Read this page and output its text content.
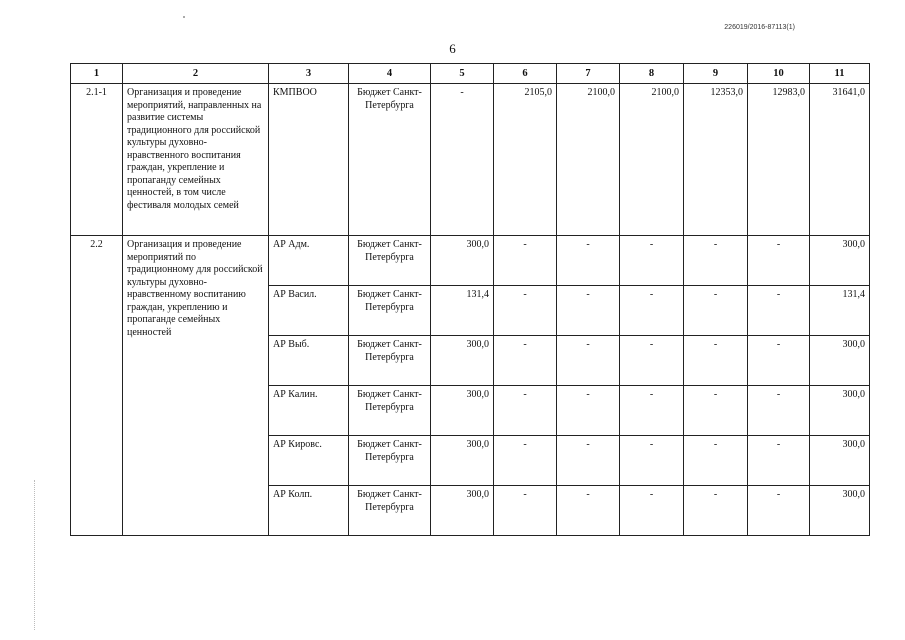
226019/2016-87113(1)
6
1	2	3	4	5	6	7	8	9	10	11
2.1-1	Организация и проведение мероприятий, направленных на развитие системы традиционного для российской культуры духовно-нравственного воспитания граждан, укрепление и пропаганду семейных ценностей, в том числе фестиваля молодых семей	КМПВОО	Бюджет Санкт-Петербурга	-	2105,0	2100,0	2100,0	12353,0	12983,0	31641,0
2.2	Организация и проведение мероприятий по традиционному для российской культуры духовно-нравственному воспитанию граждан, укреплению и пропаганде семейных ценностей	АР Адм.	Бюджет Санкт-Петербурга	300,0	-	-	-	-	-	300,0
		АР Васил.	Бюджет Санкт-Петербурга	131,4	-	-	-	-	-	131,4
		АР Выб.	Бюджет Санкт-Петербурга	300,0	-	-	-	-	-	300,0
		АР Калин.	Бюджет Санкт-Петербурга	300,0	-	-	-	-	-	300,0
		АР Кировс.	Бюджет Санкт-Петербурга	300,0	-	-	-	-	-	300,0
		АР Колп.	Бюджет Санкт-Петербурга	300,0	-	-	-	-	-	300,0
